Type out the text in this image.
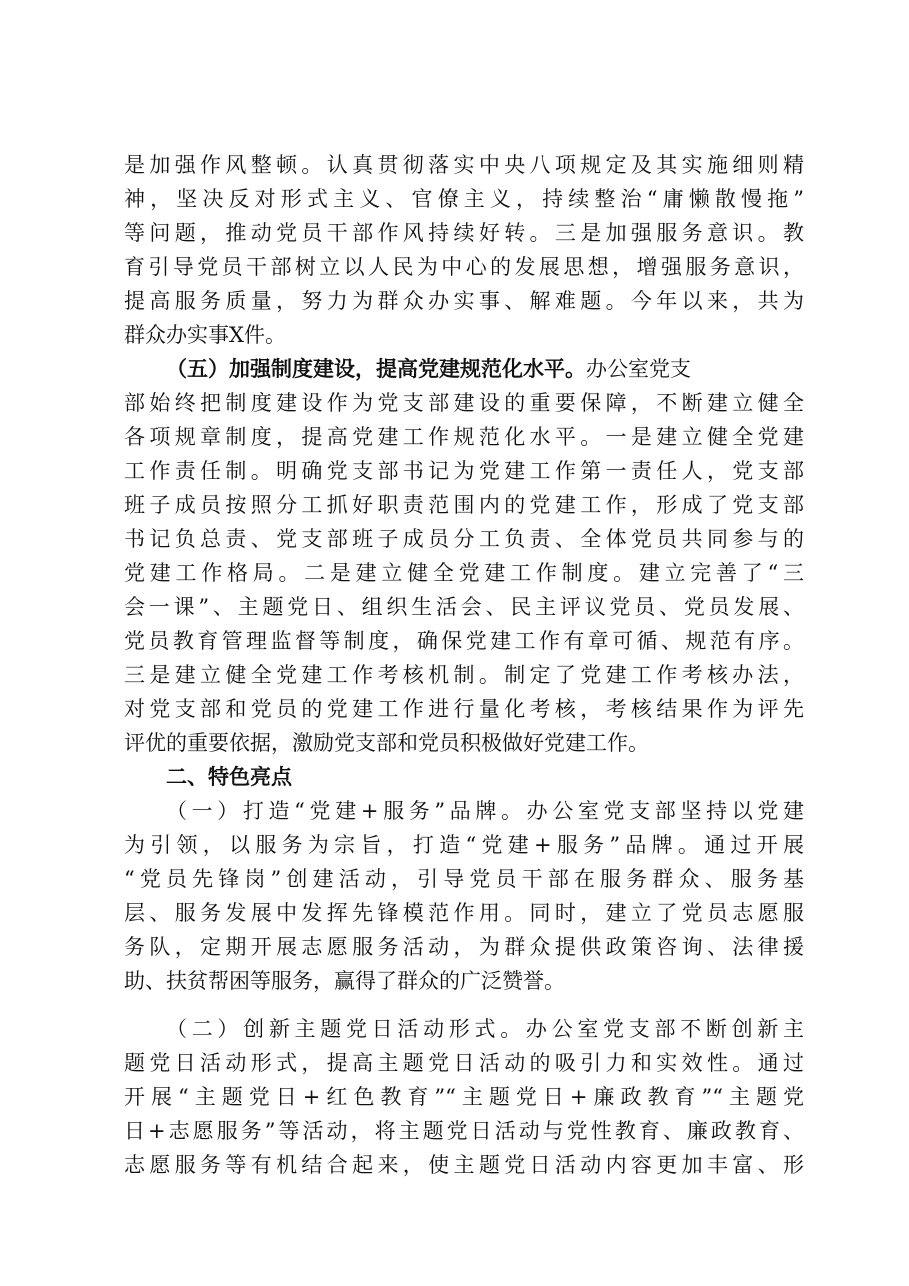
是加强作风整顿。认真贯彻落实中央八项规定及其实施细则精
神，坚决反对形式主义、官僚主义，持续整治“庸懒散慢拖”
等问题，推动党员干部作风持续好转。三是加强服务意识。教
育引导党员干部树立以人民为中心的发展思想，增强服务意识，
提高服务质量，努力为群众办实事、解难题。今年以来，共为
群众办实事X件。
（五）加强制度建设，提高党建规范化水平。办公室党支
部始终把制度建设作为党支部建设的重要保障，不断建立健全
各项规章制度，提高党建工作规范化水平。一是建立健全党建
工作责任制。明确党支部书记为党建工作第一责任人，党支部
班子成员按照分工抓好职责范围内的党建工作，形成了党支部
书记负总责、党支部班子成员分工负责、全体党员共同参与的
党建工作格局。二是建立健全党建工作制度。建立完善了“三
会一课”、主题党日、组织生活会、民主评议党员、党员发展、
党员教育管理监督等制度，确保党建工作有章可循、规范有序。
三是建立健全党建工作考核机制。制定了党建工作考核办法，
对党支部和党员的党建工作进行量化考核，考核结果作为评先
评优的重要依据，激励党支部和党员积极做好党建工作。
二、特色亮点
（一）打造“党建+服务”品牌。办公室党支部坚持以党建
为引领，以服务为宗旨，打造“党建+服务”品牌。通过开展
“党员先锋岗”创建活动，引导党员干部在服务群众、服务基
层、服务发展中发挥先锋模范作用。同时，建立了党员志愿服
务队，定期开展志愿服务活动，为群众提供政策咨询、法律援
助、扶贫帮困等服务，赢得了群众的广泛赞誉。
（二）创新主题党日活动形式。办公室党支部不断创新主
题党日活动形式，提高主题党日活动的吸引力和实效性。通过
开展“主题党日+红色教育”“主题党日+廉政教育”“主题党
日+志愿服务”等活动，将主题党日活动与党性教育、廉政教育、
志愿服务等有机结合起来，使主题党日活动内容更加丰富、形
